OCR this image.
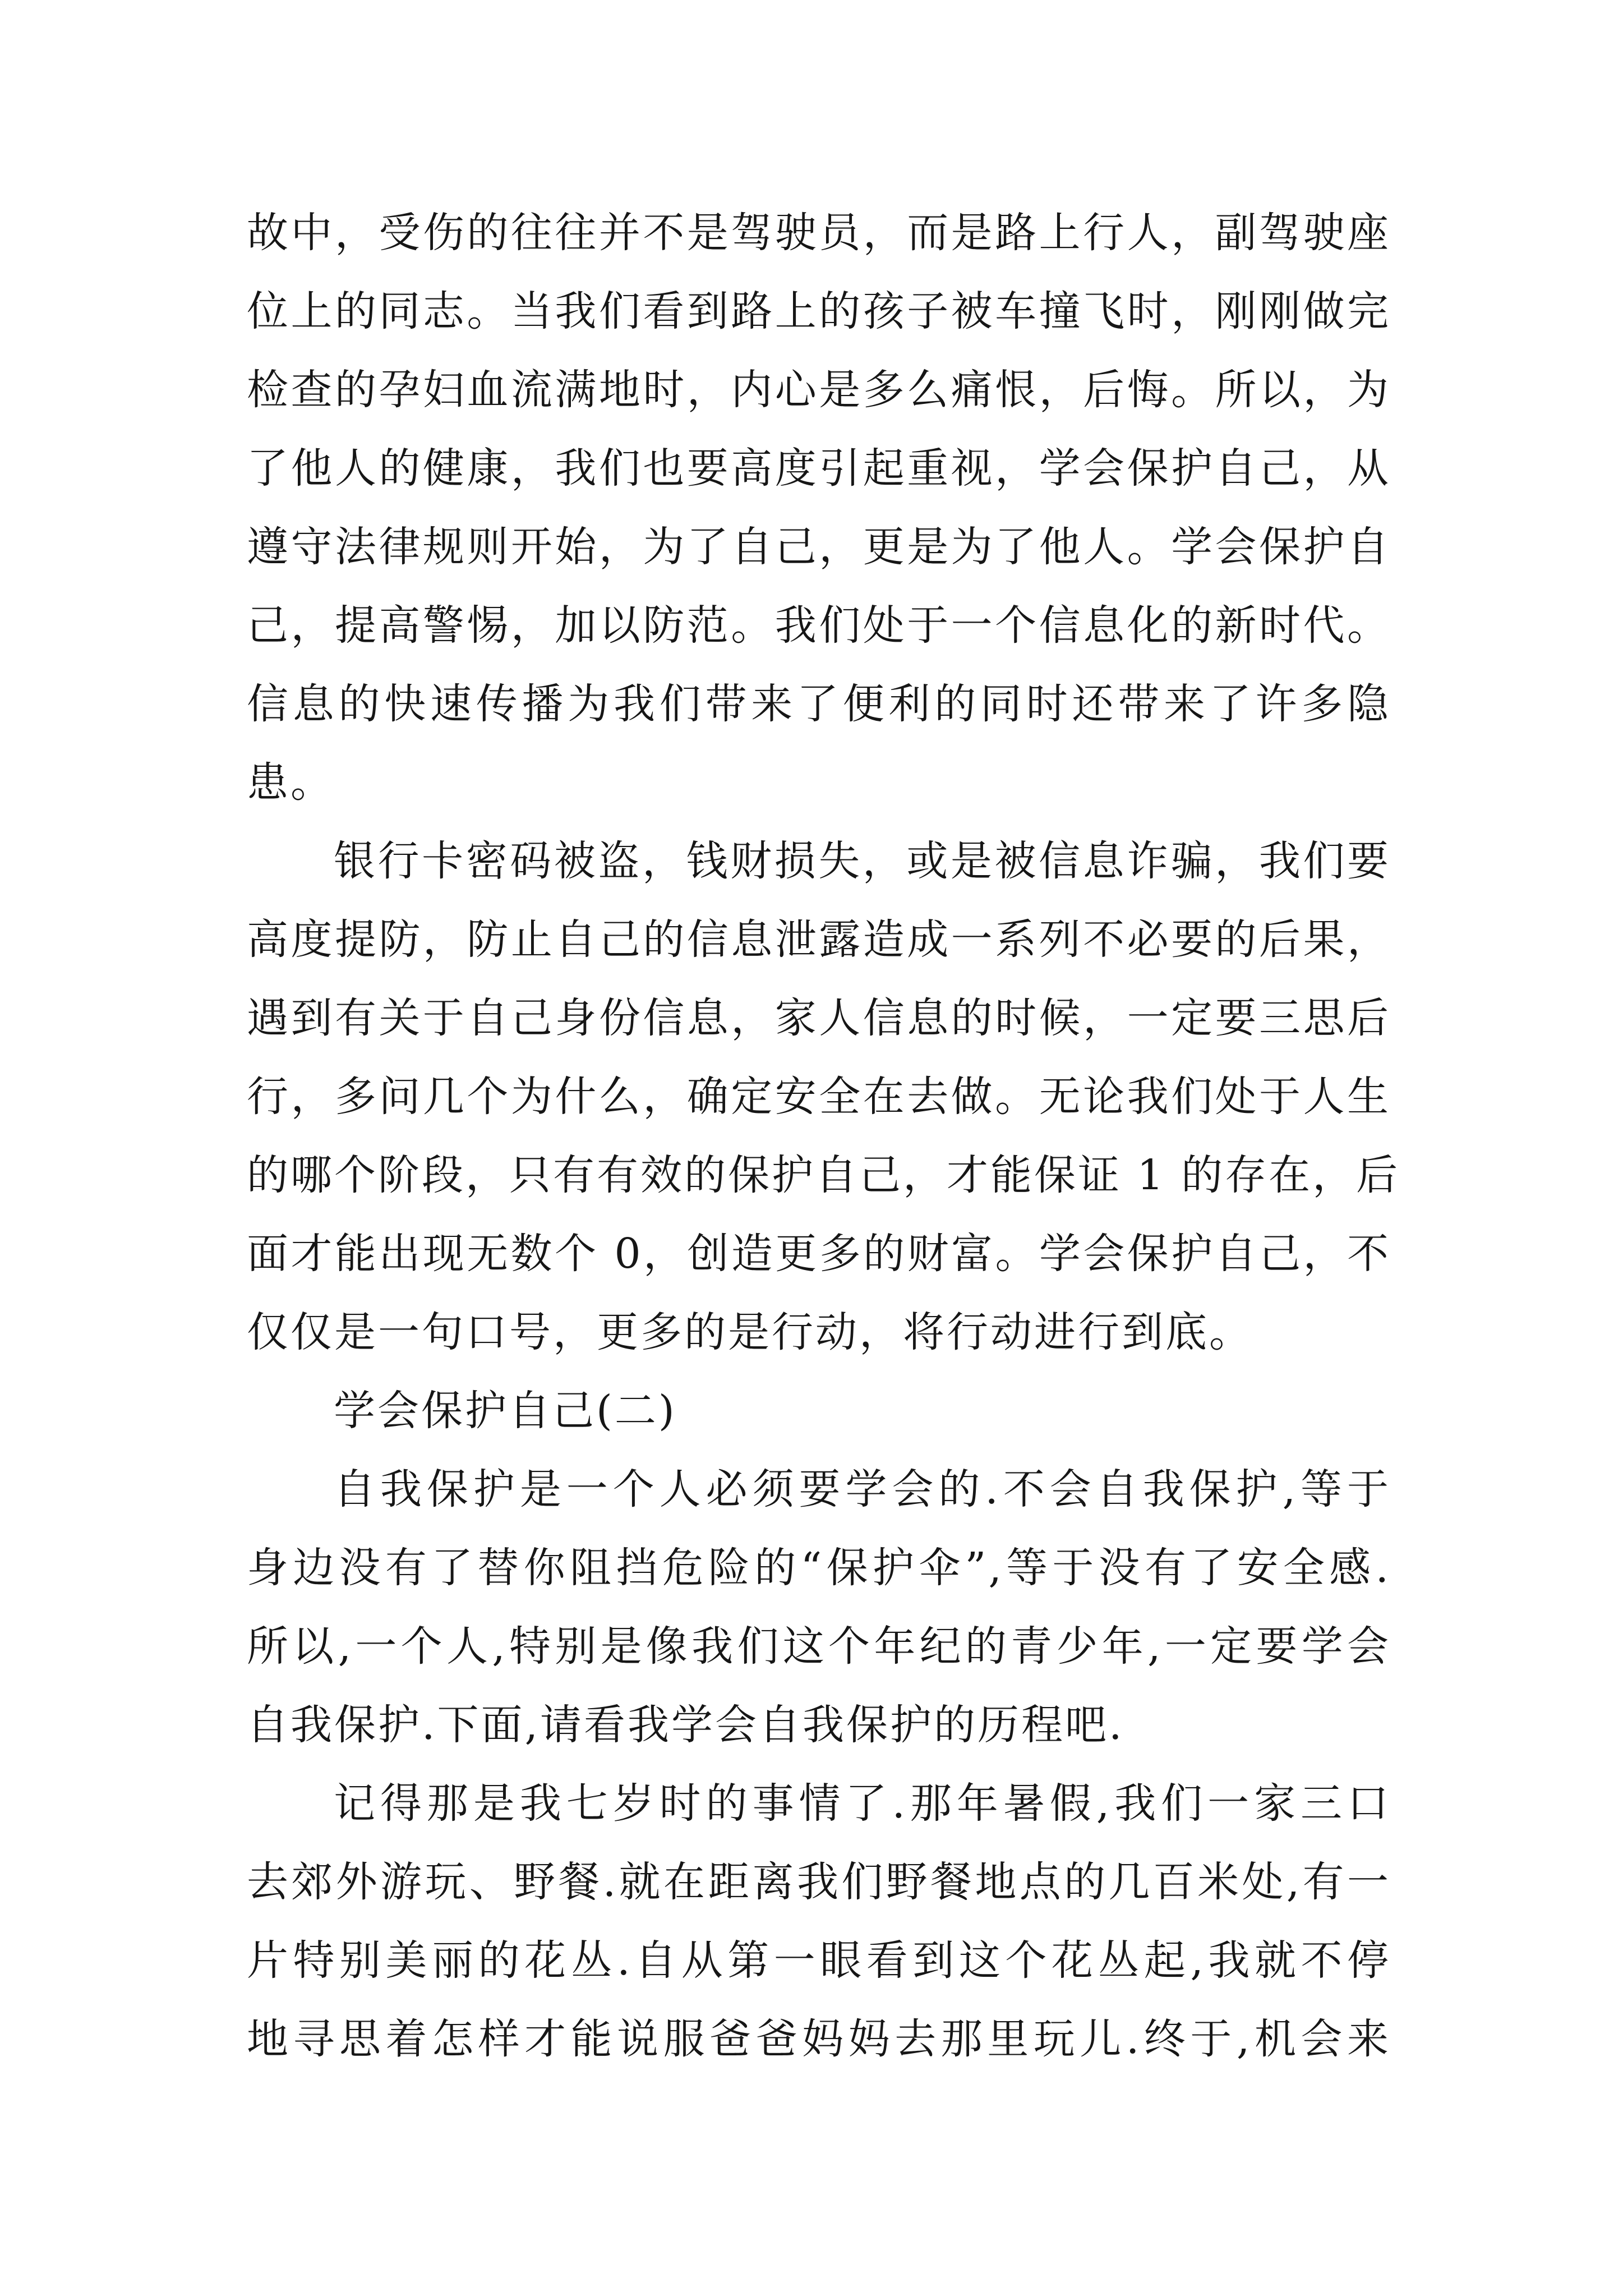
故中，受伤的往往并不是驾驶员，而是路上行人，副驾驶座
位上的同志。当我们看到路上的孩子被车撞飞时，刚刚做完
检查的孕妇血流满地时，内心是多么痛恨，后悔。所以，为
了他人的健康，我们也要高度引起重视，学会保护自己，从
遵守法律规则开始，为了自己，更是为了他人。学会保护自
己，提高警惕，加以防范。我们处于一个信息化的新时代。
信息的快速传播为我们带来了便利的同时还带来了许多隐
患。
银行卡密码被盗，钱财损失，或是被信息诈骗，我们要
高度提防，防止自己的信息泄露造成一系列不必要的后果，
遇到有关于自己身份信息，家人信息的时候，一定要三思后
行，多问几个为什么，确定安全在去做。无论我们处于人生
的哪个阶段，只有有效的保护自己，才能保证 1 的存在，后
面才能出现无数个 0，创造更多的财富。学会保护自己，不
仅仅是一句口号，更多的是行动，将行动进行到底。
学会保护自己(二)
自我保护是一个人必须要学会的.不会自我保护,等于
身边没有了替你阻挡危险的“保护伞”,等于没有了安全感.
所以,一个人,特别是像我们这个年纪的青少年,一定要学会
自我保护.下面,请看我学会自我保护的历程吧.
记得那是我七岁时的事情了.那年暑假,我们一家三口
去郊外游玩、野餐.就在距离我们野餐地点的几百米处,有一
片特别美丽的花丛.自从第一眼看到这个花丛起,我就不停
地寻思着怎样才能说服爸爸妈妈去那里玩儿.终于,机会来
